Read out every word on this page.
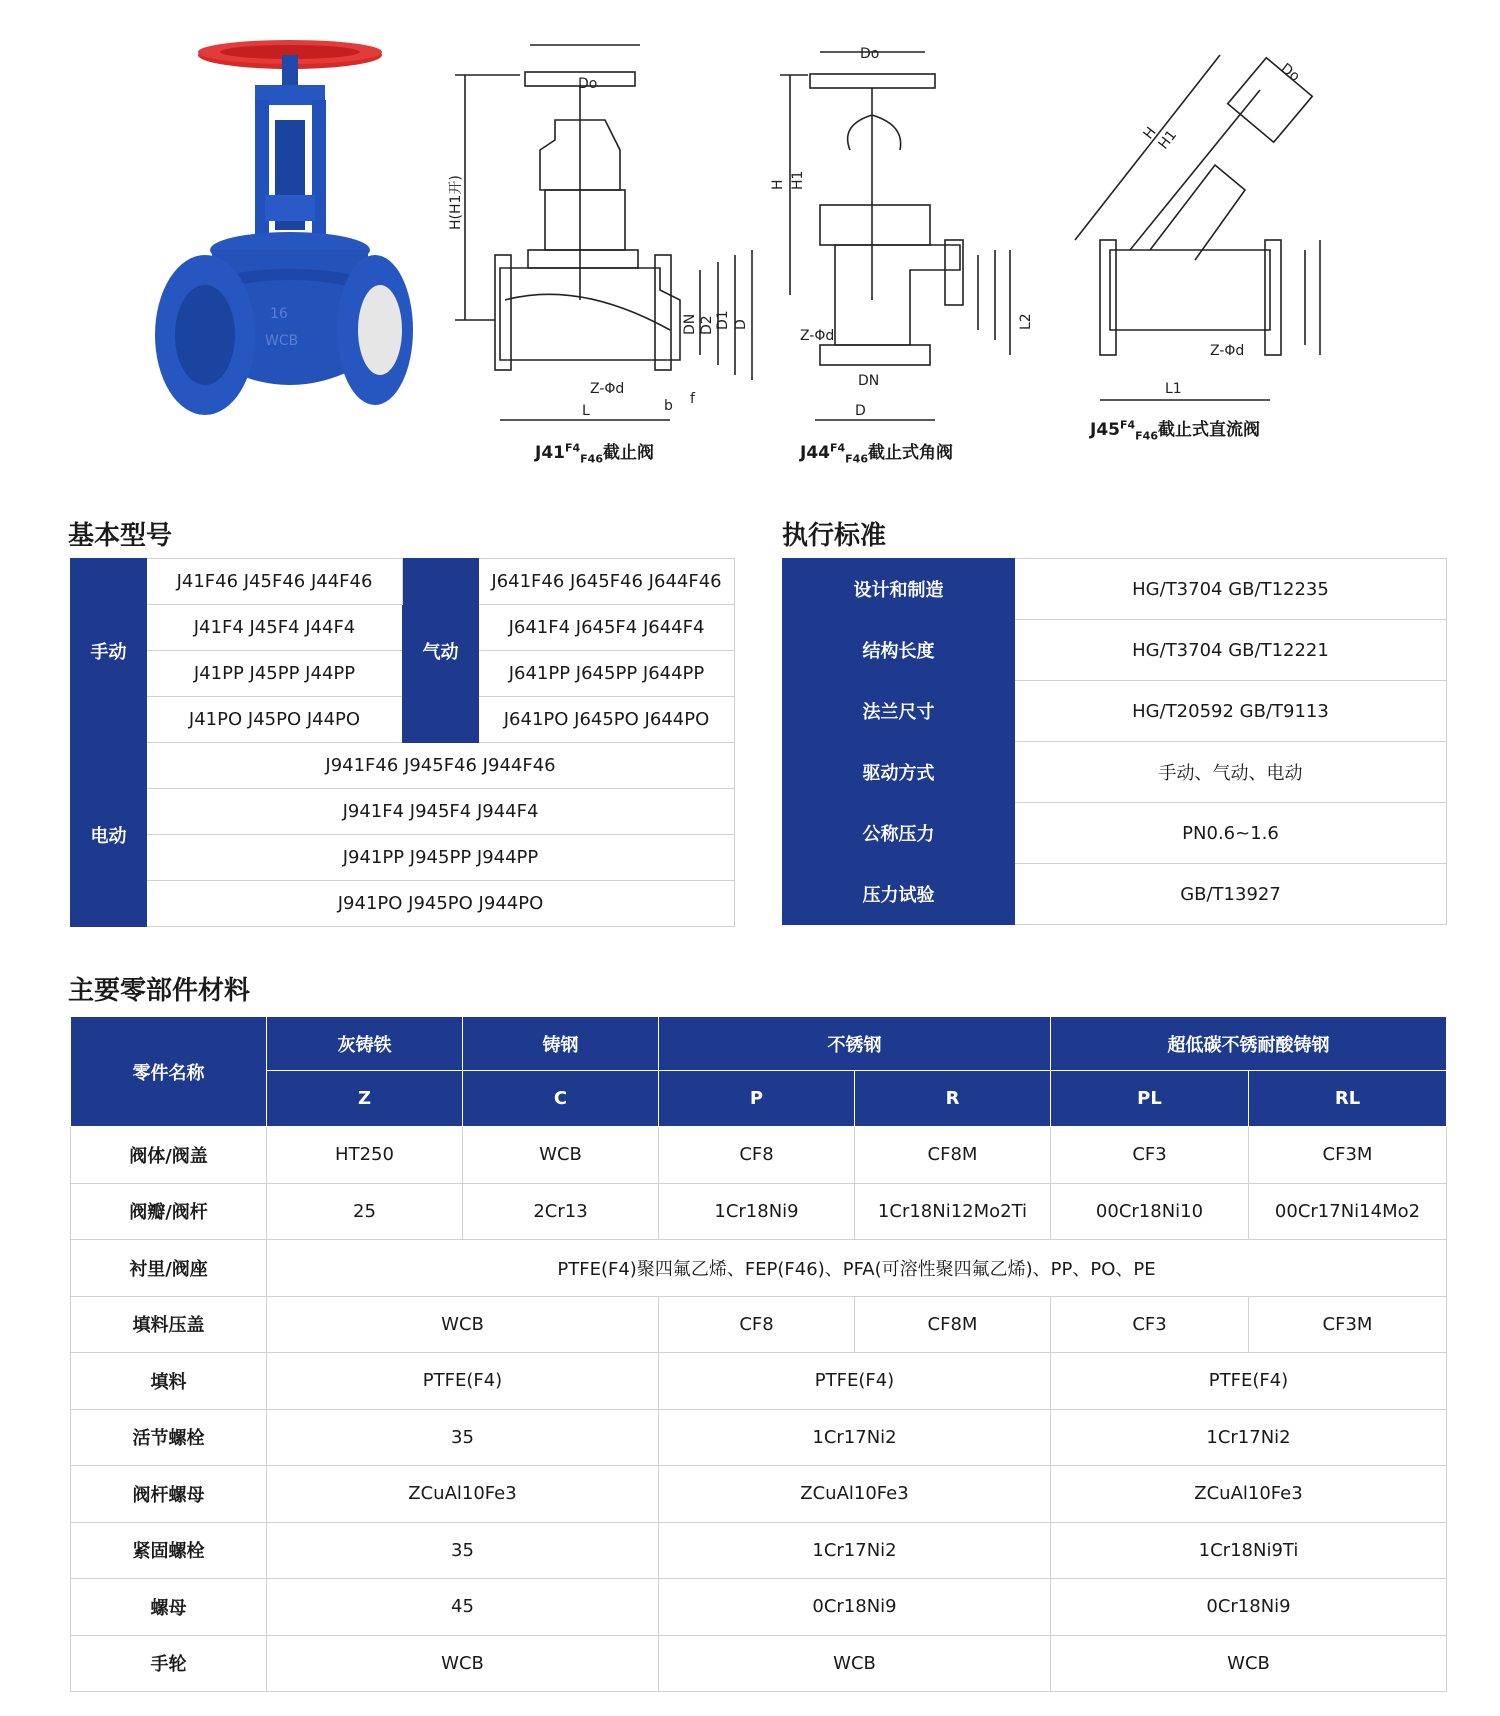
16
WCB
H(H1开)
L
Z-Φd
D
D1
D2
DN
b f
Do
Do
H H1
L2
DN
D
Z-Φd
H
H1
L1
Z-Φd
Do
$J41^{F4}_{F46}$截止阀	$J44^{F4}_{F46}$截止式角阀
$J45^{F4}_{F46}$截止式直流阀
基本型号
手动	J41F46 J45F46 J44F46	气动	J641F46 J645F46 J644F46
	J41F4 J45F4 J44F4		J641F4 J645F4 J644F4
	J41PP J45PP J44PP		J641PP J645PP J644PP
	J41PO J45PO J44PO		J641PO J645PO J644PO
电动	J941F46 J945F46 J944F46		
	J941F4 J945F4 J944F4		
	J941PP J945PP J944PP		
	J941PO J945PO J944PO		
执行标准
设计和制造	HG/T3704 GB/T12235
结构长度	HG/T3704 GB/T12221
法兰尺寸	HG/T20592 GB/T9113
驱动方式	手动、气动、电动
公称压力	PN0.6~1.6
压力试验	GB/T13927
主要零部件材料
零件名称	灰铸铁	铸钢	不锈钢		超低碳不锈耐酸铸钢	
	Z	C	P	R	PL	RL
阀体/阀盖	HT250	WCB	CF8	CF8M	CF3	CF3M
阀瓣/阀杆	25	2Cr13	1Cr18Ni9	1Cr18Ni12Mo2Ti	00Cr18Ni10	00Cr17Ni14Mo2
衬里/阀座	PTFE(F4)聚四氟乙烯、FEP(F46)、PFA(可溶性聚四氟乙烯)、PP、PO、PE					
填料压盖	WCB		CF8	CF8M	CF3	CF3M
填料	PTFE(F4)		PTFE(F4)		PTFE(F4)	
活节螺栓	35		1Cr17Ni2		1Cr17Ni2	
阀杆螺母	ZCuAl10Fe3		ZCuAl10Fe3		ZCuAl10Fe3	
紧固螺栓	35		1Cr17Ni2		1Cr18Ni9Ti	
螺母	45		0Cr18Ni9		0Cr18Ni9	
手轮	WCB		WCB		WCB	
